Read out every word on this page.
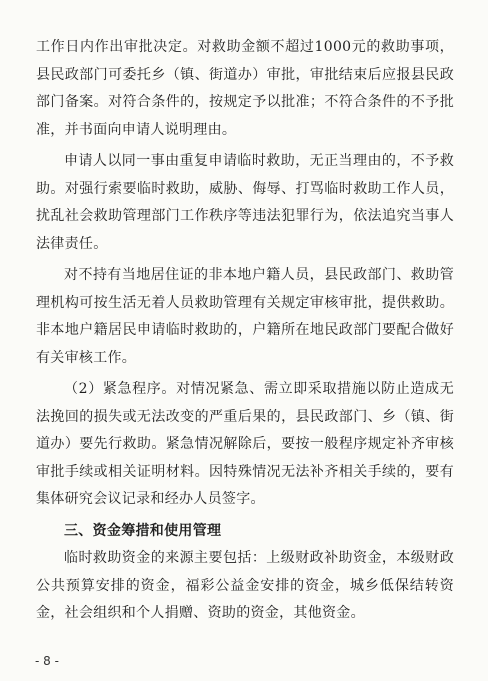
工作日内作出审批决定。对救助金额不超过1000元的救助事项，县民政部门可委托乡（镇、街道办）审批，审批结束后应报县民政部门备案。对符合条件的，按规定予以批准；不符合条件的不予批准，并书面向申请人说明理由。

申请人以同一事由重复申请临时救助，无正当理由的，不予救助。对强行索要临时救助，威胁、侮辱、打骂临时救助工作人员，扰乱社会救助管理部门工作秩序等违法犯罪行为，依法追究当事人法律责任。

对不持有当地居住证的非本地户籍人员，县民政部门、救助管理机构可按生活无着人员救助管理有关规定审核审批，提供救助。非本地户籍居民申请临时救助的，户籍所在地民政部门要配合做好有关审核工作。

（2）紧急程序。对情况紧急、需立即采取措施以防止造成无法挽回的损失或无法改变的严重后果的，县民政部门、乡（镇、街道办）要先行救助。紧急情况解除后，要按一般程序规定补齐审核审批手续或相关证明材料。因特殊情况无法补齐相关手续的，要有集体研究会议记录和经办人员签字。

三、资金筹措和使用管理

临时救助资金的来源主要包括：上级财政补助资金，本级财政公共预算安排的资金，福彩公益金安排的资金，城乡低保结转资金，社会组织和个人捐赠、资助的资金，其他资金。

- 8 -
